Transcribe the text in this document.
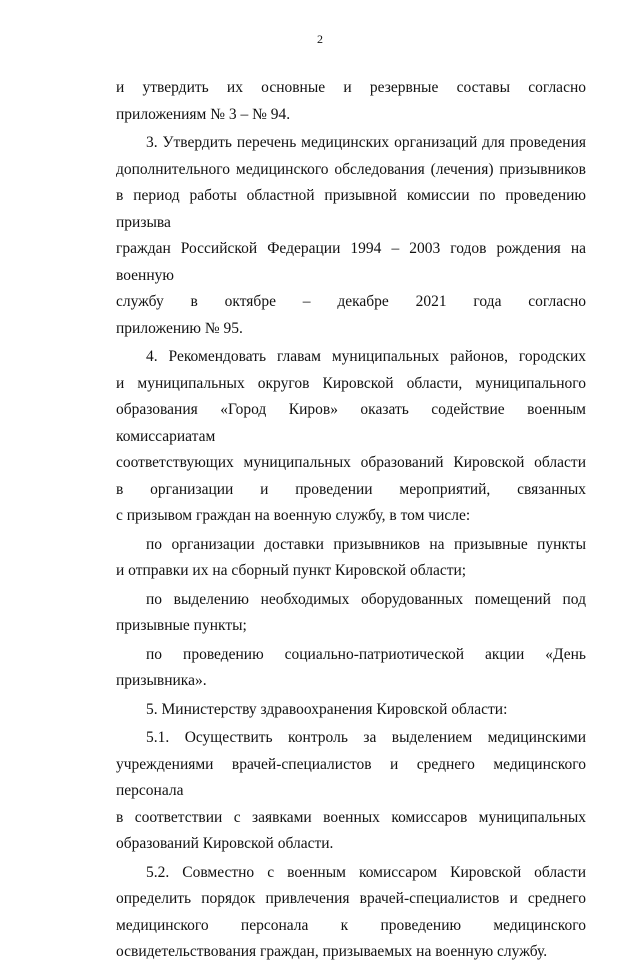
2

и утвердить их основные и резервные составы согласно
приложениям № 3 – № 94.

3. Утвердить перечень медицинских организаций для проведения
дополнительного медицинского обследования (лечения) призывников
в период работы областной призывной комиссии по проведению призыва
граждан Российской Федерации 1994 – 2003 годов рождения на военную
службу в октябре – декабре 2021 года согласно
приложению № 95.

4. Рекомендовать главам муниципальных районов, городских
и муниципальных округов Кировской области, муниципального
образования «Город Киров» оказать содействие военным комиссариатам
соответствующих муниципальных образований Кировской области
в организации и проведении мероприятий, связанных
с призывом граждан на военную службу, в том числе:

по организации доставки призывников на призывные пункты
и отправки их на сборный пункт Кировской области;

по выделению необходимых оборудованных помещений под
призывные пункты;

по проведению социально-патриотической акции «День
призывника».

5. Министерству здравоохранения Кировской области:

5.1. Осуществить контроль за выделением медицинскими
учреждениями врачей-специалистов и среднего медицинского персонала
в соответствии с заявками военных комиссаров муниципальных
образований Кировской области.

5.2. Совместно с военным комиссаром Кировской области
определить порядок привлечения врачей-специалистов и среднего
медицинского персонала к проведению медицинского
освидетельствования граждан, призываемых на военную службу.
